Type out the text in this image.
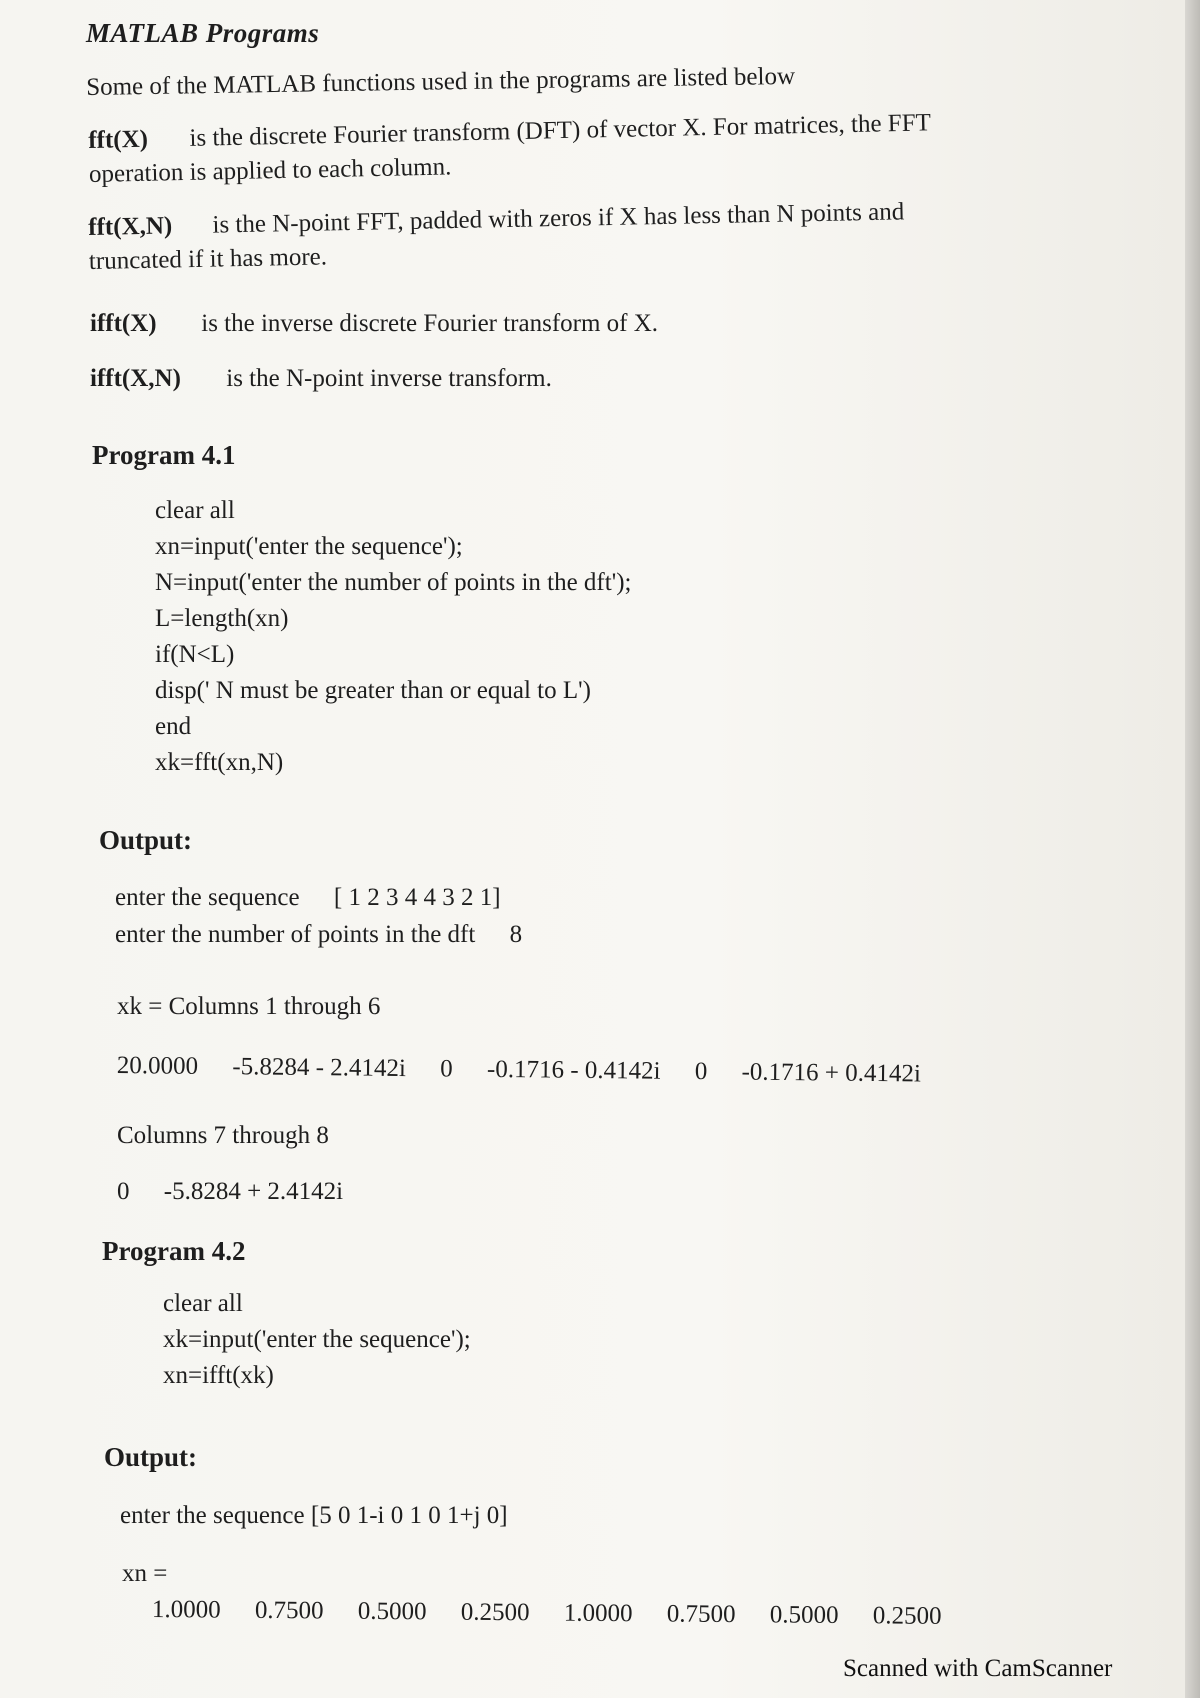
MATLAB Programs
Some of the MATLAB functions used in the programs are listed below
fft(X) is the discrete Fourier transform (DFT) of vector X. For matrices, the FFT
operation is applied to each column.
fft(X,N) is the N-point FFT, padded with zeros if X has less than N points and
truncated if it has more.
ifft(X) is the inverse discrete Fourier transform of X.
ifft(X,N) is the N-point inverse transform.
Program 4.1
clear all
xn=input('enter the sequence');
N=input('enter the number of points in the dft');
L=length(xn)
if(N<L)
disp(' N must be greater than or equal to L')
end
xk=fft(xn,N)
Output:
enter the sequence [ 1 2 3 4 4 3 2 1]
enter the number of points in the dft 8
xk = Columns 1 through 6
20.0000 -5.8284 - 2.4142i 0 -0.1716 - 0.4142i 0 -0.1716 + 0.4142i
Columns 7 through 8
0 -5.8284 + 2.4142i
Program 4.2
clear all
xk=input('enter the sequence');
xn=ifft(xk)
Output:
enter the sequence [5 0 1-i 0 1 0 1+j 0]
xn =
1.0000 0.7500 0.5000 0.2500 1.0000 0.7500 0.5000 0.2500
Scanned with CamScanner
